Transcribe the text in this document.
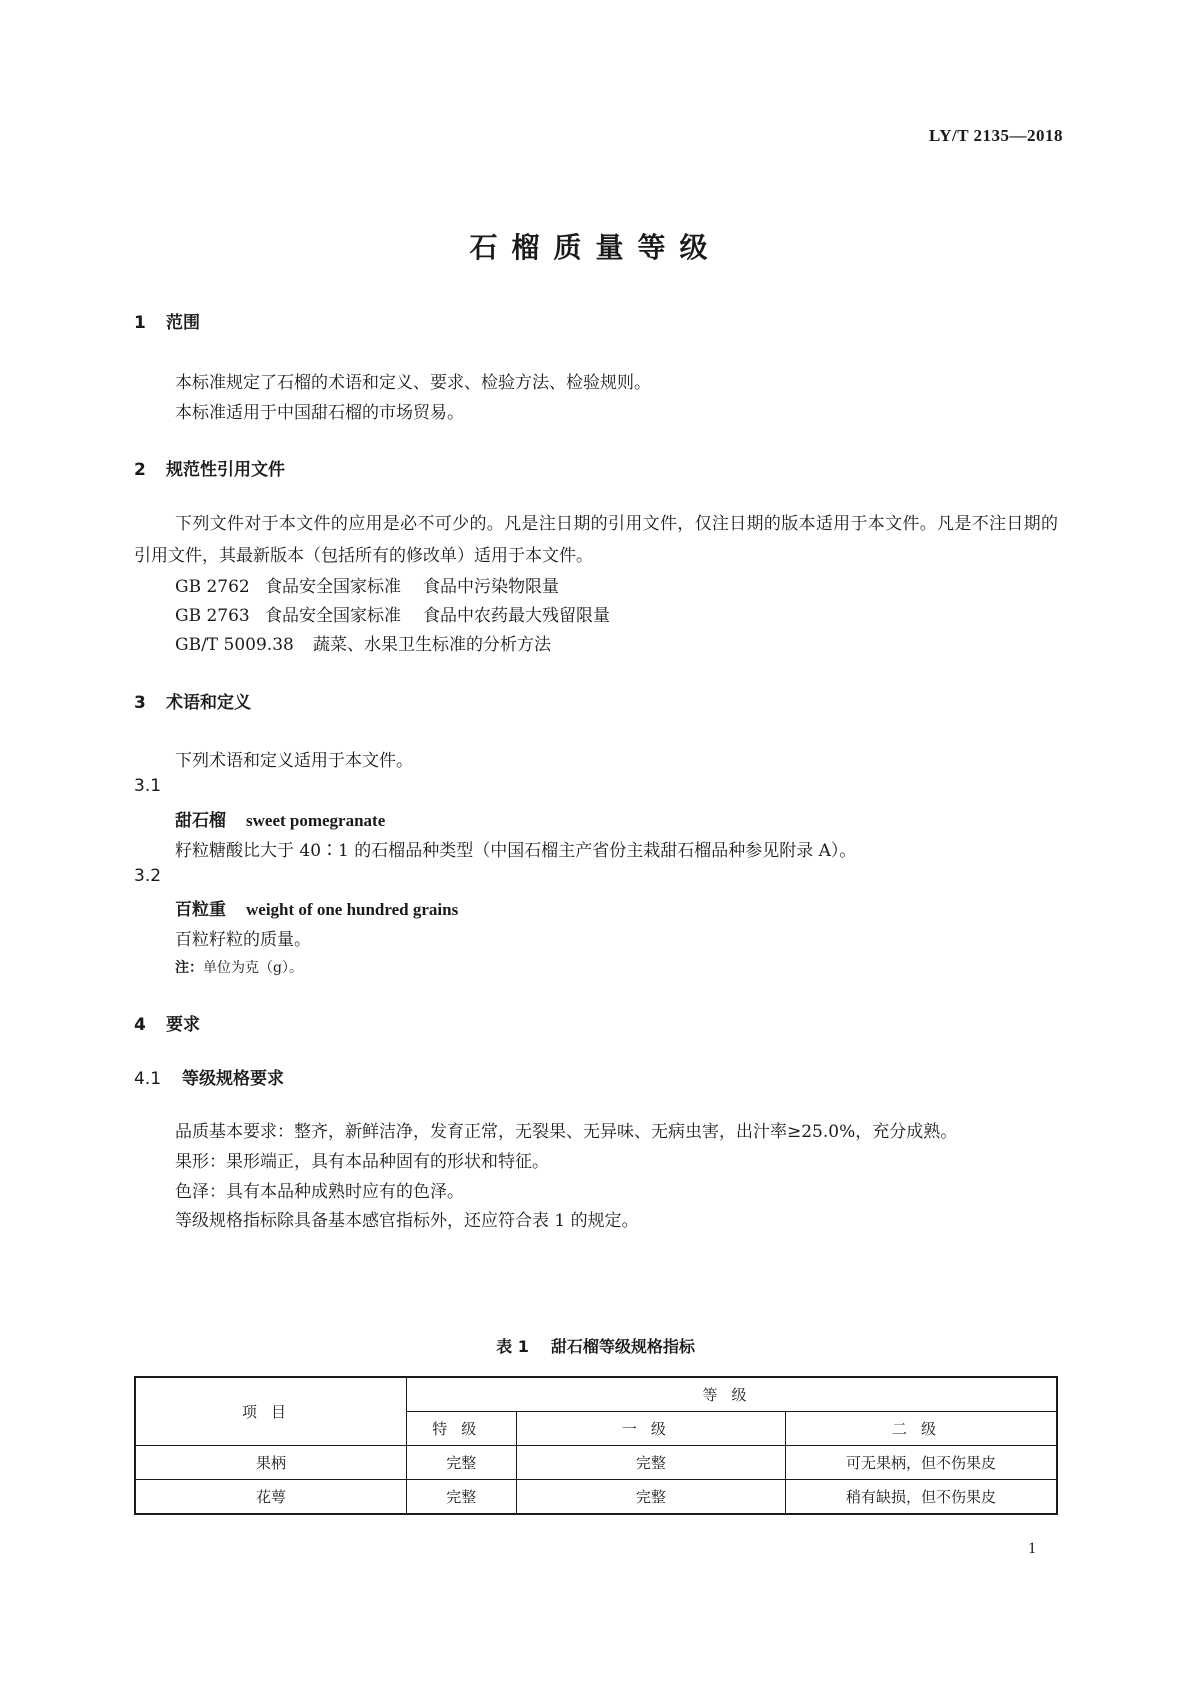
LY/T 2135—2018
石榴质量等级
1 范围
本标准规定了石榴的术语和定义、要求、检验方法、检验规则。
本标准适用于中国甜石榴的市场贸易。
2 规范性引用文件
下列文件对于本文件的应用是必不可少的。凡是注日期的引用文件，仅注日期的版本适用于本文件。凡是不注日期的引用文件，其最新版本（包括所有的修改单）适用于本文件。
GB 2762 食品安全国家标准 食品中污染物限量
GB 2763 食品安全国家标准 食品中农药最大残留限量
GB/T 5009.38 蔬菜、水果卫生标准的分析方法
3 术语和定义
下列术语和定义适用于本文件。
3.1
甜石榴 sweet pomegranate
籽粒糖酸比大于 40∶1 的石榴品种类型（中国石榴主产省份主栽甜石榴品种参见附录 A）。
3.2
百粒重 weight of one hundred grains
百粒籽粒的质量。
注：单位为克（g）。
4 要求
4.1 等级规格要求
品质基本要求：整齐，新鲜洁净，发育正常，无裂果、无异味、无病虫害，出汁率≥25.0%，充分成熟。
果形：果形端正，具有本品种固有的形状和特征。
色泽：具有本品种成熟时应有的色泽。
等级规格指标除具备基本感官指标外，还应符合表 1 的规定。
表 1 甜石榴等级规格指标
项目	等级		
	特级	一级	二级
果柄	完整	完整	可无果柄，但不伤果皮
花萼	完整	完整	稍有缺损，但不伤果皮
1
